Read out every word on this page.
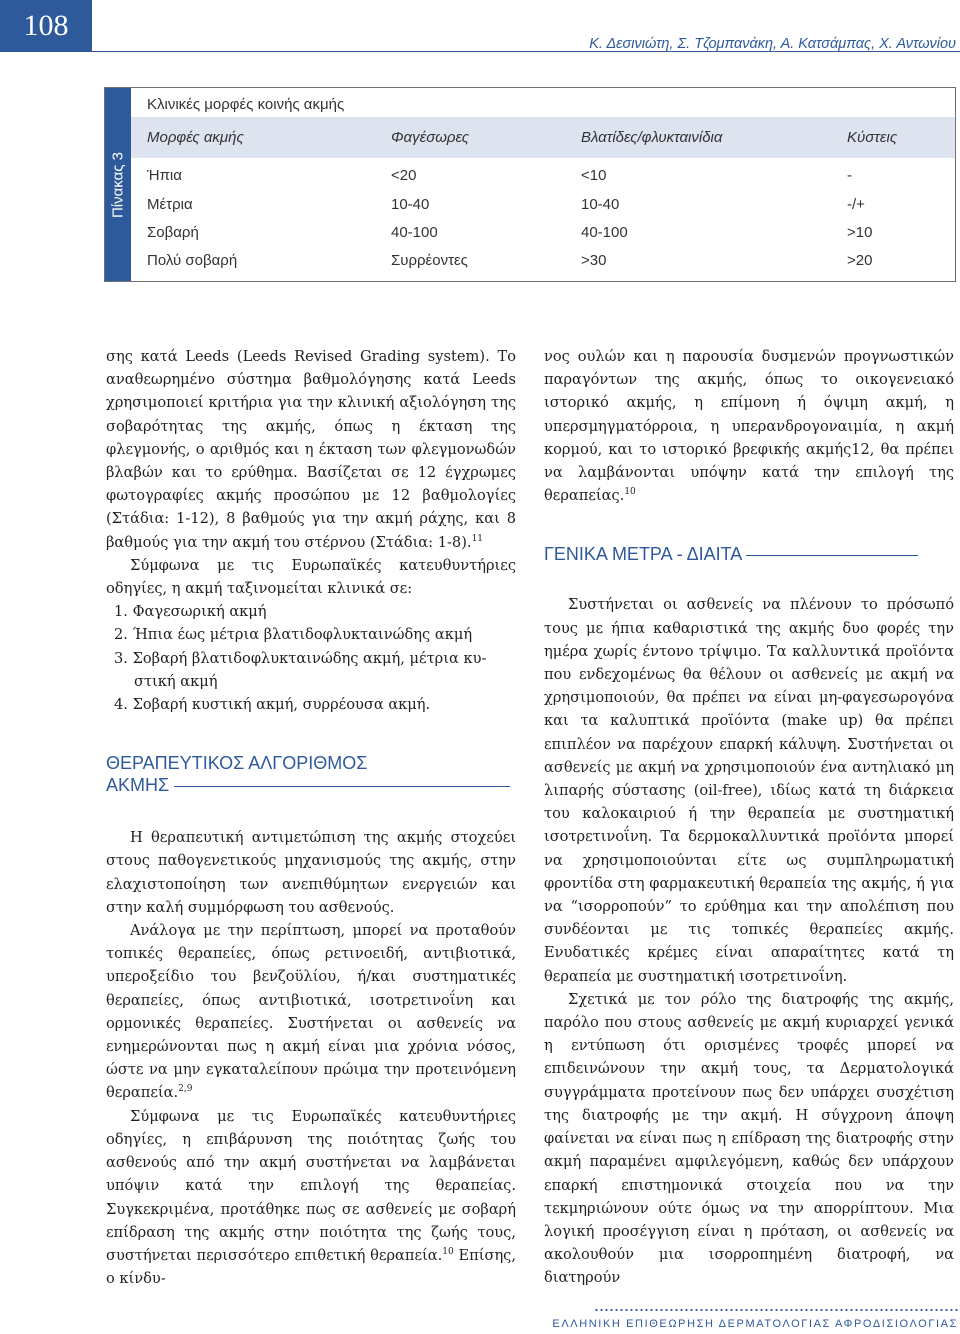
108
Κ. Δεσινιώτη, Σ. Τζομπανάκη, Α. Κατσάμπας, Χ. Αντωνίου
Πίνακας 3
Κλινικές μορφές κοινής ακμής
Μορφές ακμής	Φαγέσωρες	Βλατίδες/φλυκταινίδια	Κύστεις
Ήπια	<20	<10	-
Μέτρια	10-40	10-40	-/+
Σοβαρή	40-100	40-100	>10
Πολύ σοβαρή	Συρρέοντες	>30	>20

σης κατά Leeds (Leeds Revised Grading system). Το αναθεωρημένο σύστημα βαθμολόγησης κατά Leeds χρησιμοποιεί κριτήρια για την κλινική αξιολόγηση της σοβαρότητας της ακμής, όπως η έκταση της φλεγμονής, ο αριθμός και η έκταση των φλεγμονωδών βλαβών και το ερύθημα. Βασίζεται σε 12 έγχρωμες φωτογραφίες ακμής προσώπου με 12 βαθμολογίες (Στάδια: 1-12), 8 βαθμούς για την ακμή ράχης, και 8 βαθμούς για την ακμή του στέρνου (Στάδια: 1-8).$^{11}$

Σύμφωνα με τις Ευρωπαϊκές κατευθυντήριες οδηγίες, η ακμή ταξινομείται κλινικά σε:

1. Φαγεσωρική ακμή

2. Ήπια έως μέτρια βλατιδοφλυκταινώδης ακμή

3. Σοβαρή βλατιδοφλυκταινώδης ακμή, μέτρια κυ-

στική ακμή

4. Σοβαρή κυστική ακμή, συρρέουσα ακμή.

ΘΕΡΑΠΕΥΤΙΚΟΣ ΑΛΓΟΡΙΘΜΟΣ
ΑΚΜΗΣ

Η θεραπευτική αντιμετώπιση της ακμής στοχεύει στους παθογενετικούς μηχανισμούς της ακμής, στην ελαχιστοποίηση των ανεπιθύμητων ενεργειών και στην καλή συμμόρφωση του ασθενούς.

Ανάλογα με την περίπτωση, μπορεί να προταθούν τοπικές θεραπείες, όπως ρετινοειδή, αντιβιοτικά, υπεροξείδιο του βενζοϋλίου, ή/και συστηματικές θεραπείες, όπως αντιβιοτικά, ισοτρετινοΐνη και ορμονικές θεραπείες. Συστήνεται οι ασθενείς να ενημερώνονται πως η ακμή είναι μια χρόνια νόσος, ώστε να μην εγκαταλείπουν πρώιμα την προτεινόμενη θεραπεία.$^{2,9}$

Σύμφωνα με τις Ευρωπαϊκές κατευθυντήριες οδηγίες, η επιβάρυνση της ποιότητας ζωής του ασθενούς από την ακμή συστήνεται να λαμβάνεται υπόψιν κατά την επιλογή της θεραπείας. Συγκεκριμένα, προτάθηκε πως σε ασθενείς με σοβαρή επίδραση της ακμής στην ποιότητα της ζωής τους, συστήνεται περισσότερο επιθετική θεραπεία.$^{10}$ Επίσης, ο κίνδυ-

νος ουλών και η παρουσία δυσμενών προγνωστικών παραγόντων της ακμής, όπως το οικογενειακό ιστορικό ακμής, η επίμονη ή όψιμη ακμή, η υπερσμηγματόρροια, η υπερανδρογοναιμία, η ακμή κορμού, και το ιστορικό βρεφικής ακμής12, θα πρέπει να λαμβάνονται υπόψην κατά την επιλογή της θεραπείας.$^{10}$

ΓΕΝΙΚΑ ΜΕΤΡΑ - ΔΙΑΙΤΑ

Συστήνεται οι ασθενείς να πλένουν το πρόσωπό τους με ήπια καθαριστικά της ακμής δυο φορές την ημέρα χωρίς έντονο τρίψιμο. Τα καλλυντικά προϊόντα που ενδεχομένως θα θέλουν οι ασθενείς με ακμή να χρησιμοποιούν, θα πρέπει να είναι μη-φαγεσωρογόνα και τα καλυπτικά προϊόντα (make up) θα πρέπει επιπλέον να παρέχουν επαρκή κάλυψη. Συστήνεται οι ασθενείς με ακμή να χρησιμοποιούν ένα αντηλιακό μη λιπαρής σύστασης (oil-free), ιδίως κατά τη διάρκεια του καλοκαιριού ή την θεραπεία με συστηματική ισοτρετινοΐνη. Τα δερμοκαλλυντικά προϊόντα μπορεί να χρησιμοποιούνται είτε ως συμπληρωματική φροντίδα στη φαρμακευτική θεραπεία της ακμής, ή για να “ισορροπούν” το ερύθημα και την απολέπιση που συνδέονται με τις τοπικές θεραπείες ακμής. Ενυδατικές κρέμες είναι απαραίτητες κατά τη θεραπεία με συστηματική ισοτρετινοΐνη.

Σχετικά με τον ρόλο της διατροφής της ακμής, παρόλο που στους ασθενείς με ακμή κυριαρχεί γενικά η εντύπωση ότι ορισμένες τροφές μπορεί να επιδεινώνουν την ακμή τους, τα Δερματολογικά συγγράμματα προτείνουν πως δεν υπάρχει συσχέτιση της διατροφής με την ακμή. Η σύγχρονη άποψη φαίνεται να είναι πως η επίδραση της διατροφής στην ακμή παραμένει αμφιλεγόμενη, καθώς δεν υπάρχουν επαρκή επιστημονικά στοιχεία που να την τεκμηριώνουν ούτε όμως να την απορρίπτουν. Μια λογική προσέγγιση είναι η πρόταση, οι ασθενείς να ακολουθούν μια ισορροπημένη διατροφή, να διατηρούν

ΕΛΛΗΝΙΚΗ ΕΠΙΘΕΩΡΗΣΗ ΔΕΡΜΑΤΟΛΟΓΙΑΣ ΑΦΡΟΔΙΣΙΟΛΟΓΙΑΣ
